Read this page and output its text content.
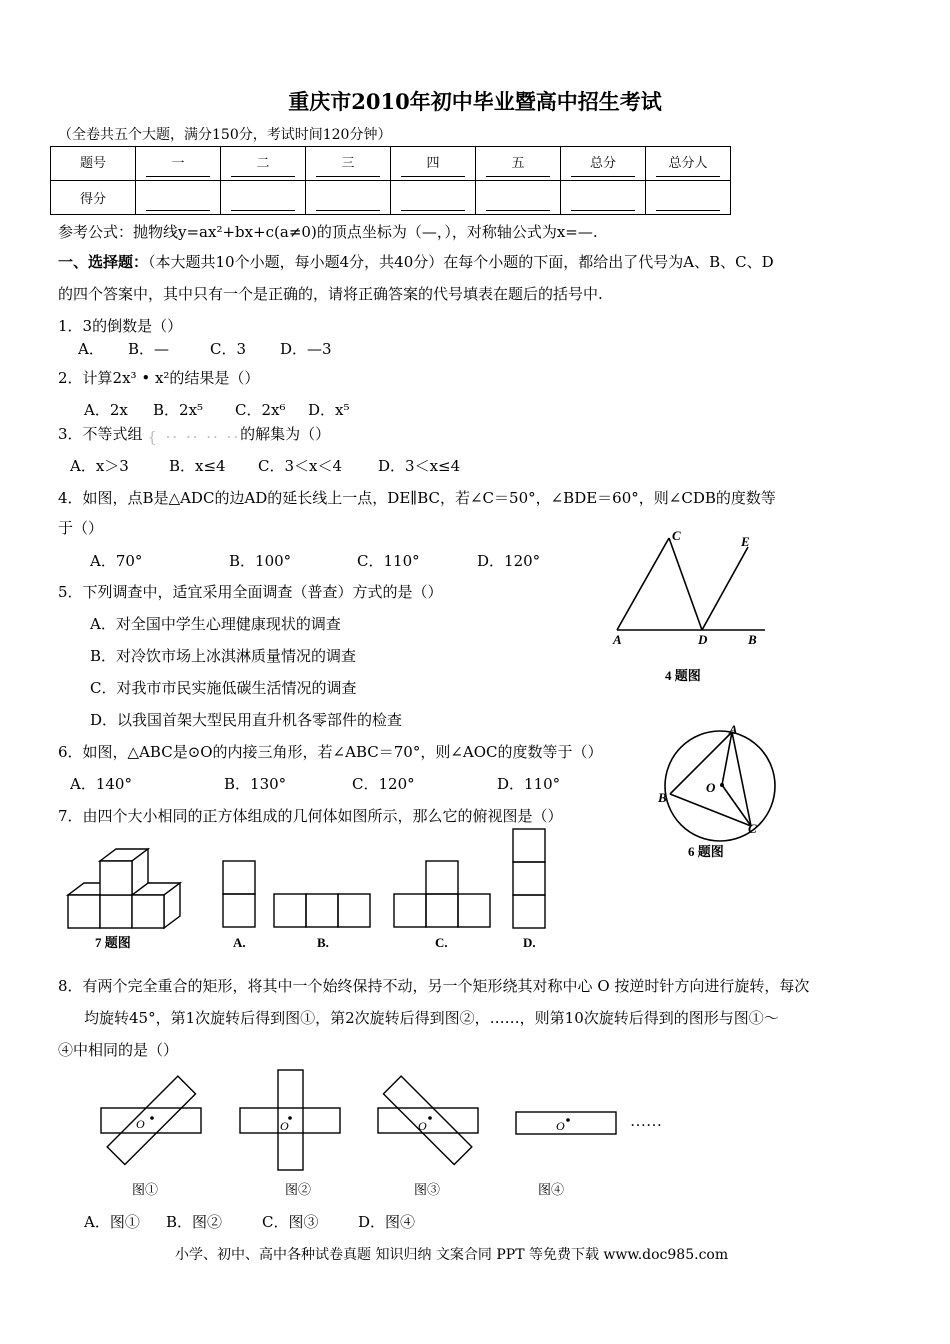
重庆市2010年初中毕业暨高中招生考试
（全卷共五个大题，满分150分，考试时间120分钟）
题号	一	二	三	四	五	总分	总分人

得分	

参考公式：抛物线y=ax²+bx+c(a≠0)的顶点坐标为（—，），对称轴公式为x=—.
一、选择题：（本大题共10个小题，每小题4分，共40分）在每个小题的下面，都给出了代号为A、B、C、D
的四个答案中，其中只有一个是正确的，请将正确答案的代号填表在题后的括号中.
1．3的倒数是（）
A． B．—	C．3 D．—3
2．计算2x³ • x²的结果是（）
A．2x B．2x⁵ C．2x⁶ D．x⁵
3．不等式组 { ·· ·· ·· ·· 的解集为（）
A．x＞3	B．x≤4 C．3＜x＜4 D．3＜x≤4
4．如图，点B是△ADC的边AD的延长线上一点，DE∥BC，若∠C＝50°，∠BDE＝60°，则∠CDB的度数等
于（）
A．70°	B．100°	C．110°	D．120°
C	E
A	D	B
4 题图
5．下列调查中，适宜采用全面调查（普查）方式的是（）
A．对全国中学生心理健康现状的调查
B．对冷饮市场上冰淇淋质量情况的调查
C．对我市市民实施低碳生活情况的调查
D．以我国首架大型民用直升机各零部件的检查
6．如图，△ABC是⊙O的内接三角形，若∠ABC＝70°，则∠AOC的度数等于（）
A．140°	B．130°	C．120°	D．110°
A
B
C
O
6 题图
7．由四个大小相同的正方体组成的几何体如图所示，那么它的俯视图是（）
7 题图	A.	B.	C.	D.
8．有两个完全重合的矩形，将其中一个始终保持不动，另一个矩形绕其对称中心 O 按逆时针方向进行旋转，每次
均旋转45°，第1次旋转后得到图①，第2次旋转后得到图②，……，则第10次旋转后得到的图形与图①～
④中相同的是（）
O
图①
O
图②
O
图③
O
图④
……
A．图① B．图②	C．图③	D．图④
小学、初中、高中各种试卷真题 知识归纳 文案合同 PPT 等免费下载 www.doc985.com
